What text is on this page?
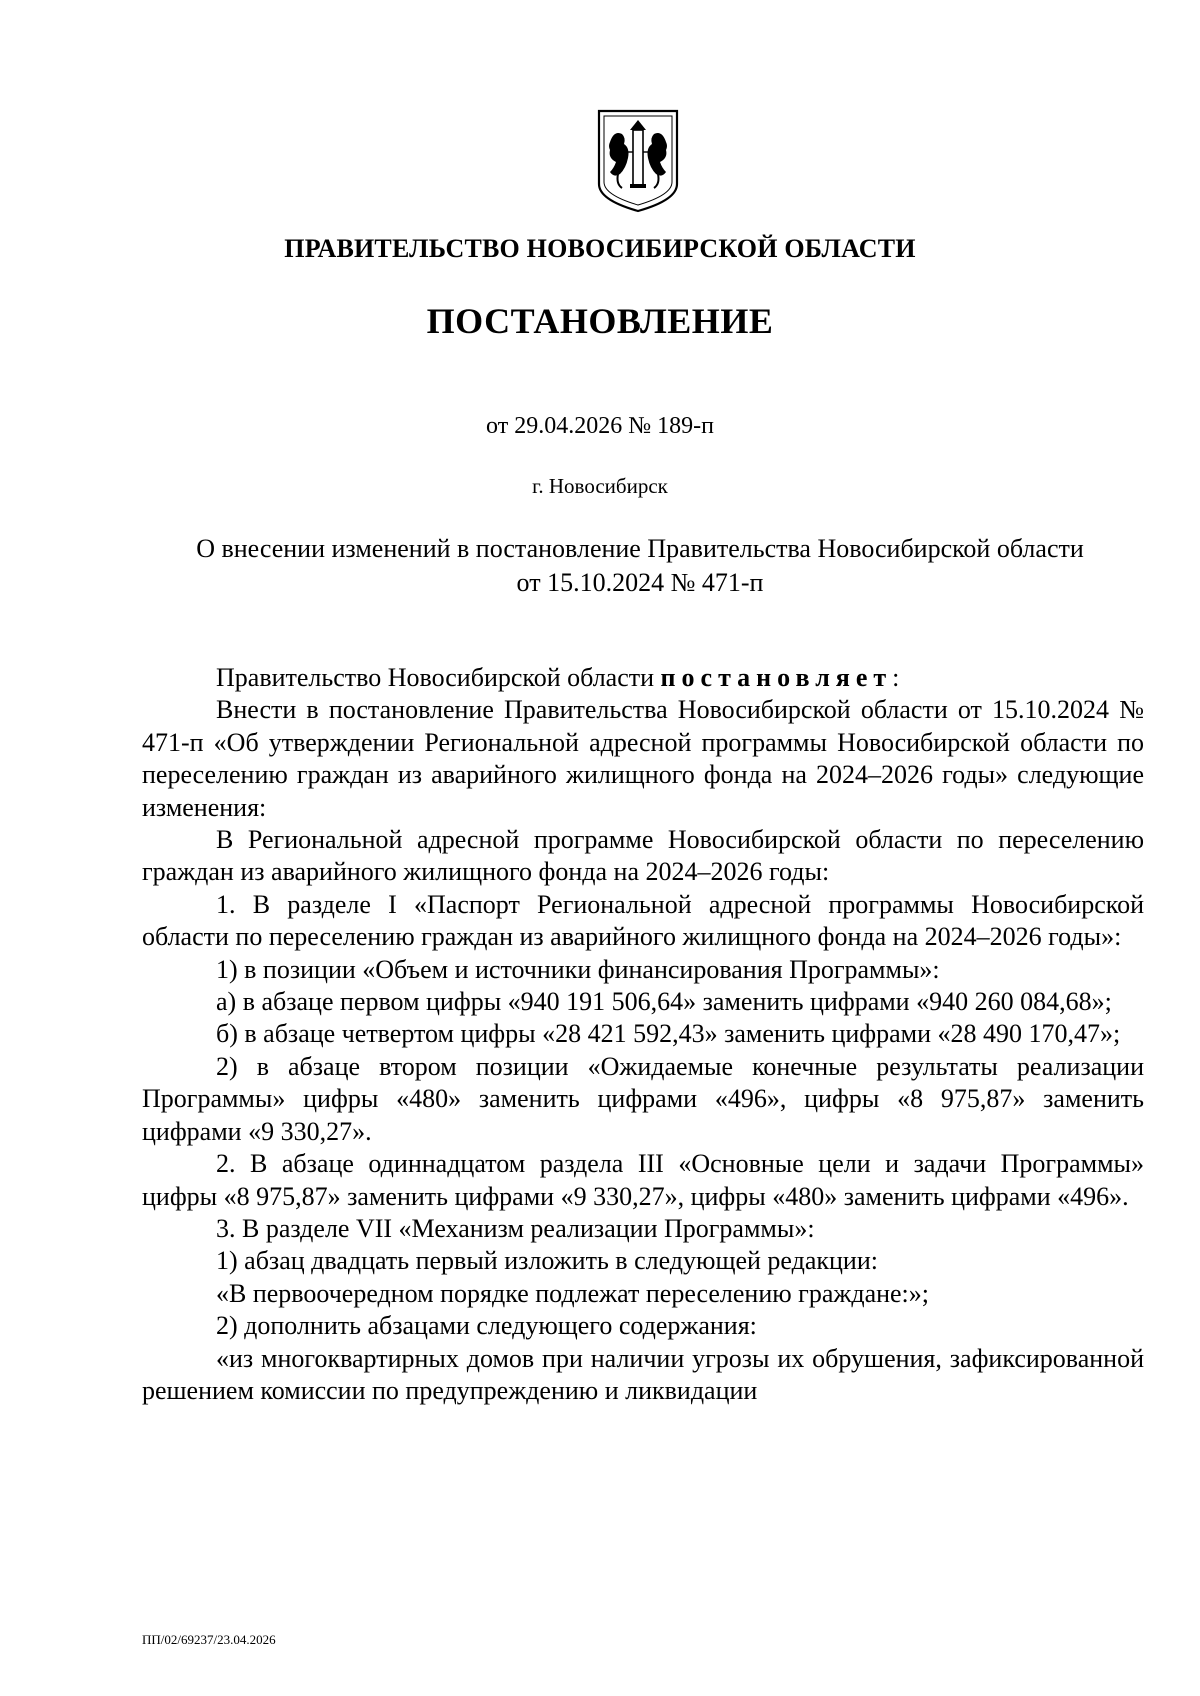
ПРАВИТЕЛЬСТВО НОВОСИБИРСКОЙ ОБЛАСТИ
ПОСТАНОВЛЕНИЕ
от 29.04.2026 № 189-п
г. Новосибирск
О внесении изменений в постановление Правительства Новосибирской области
от 15.10.2024 № 471-п

Правительство Новосибирской области постановляет:

Внести в постановление Правительства Новосибирской области от 15.10.2024 № 471-п «Об утверждении Региональной адресной программы Новосибирской области по переселению граждан из аварийного жилищного фонда на 2024–2026 годы» следующие изменения:

В Региональной адресной программе Новосибирской области по переселению граждан из аварийного жилищного фонда на 2024–2026 годы:

1. В разделе I «Паспорт Региональной адресной программы Новосибирской области по переселению граждан из аварийного жилищного фонда на 2024–2026 годы»:

1) в позиции «Объем и источники финансирования Программы»:

а) в абзаце первом цифры «940 191 506,64» заменить цифрами «940 260 084,68»;

б) в абзаце четвертом цифры «28 421 592,43» заменить цифрами «28 490 170,47»;

2) в абзаце втором позиции «Ожидаемые конечные результаты реализации Программы» цифры «480» заменить цифрами «496», цифры «8 975,87» заменить цифрами «9 330,27».

2. В абзаце одиннадцатом раздела III «Основные цели и задачи Программы» цифры «8 975,87» заменить цифрами «9 330,27», цифры «480» заменить цифрами «496».

3. В разделе VII «Механизм реализации Программы»:

1) абзац двадцать первый изложить в следующей редакции:

«В первоочередном порядке подлежат переселению граждане:»;

2) дополнить абзацами следующего содержания:

«из многоквартирных домов при наличии угрозы их обрушения, зафиксированной решением комиссии по предупреждению и ликвидации

ПП/02/69237/23.04.2026
